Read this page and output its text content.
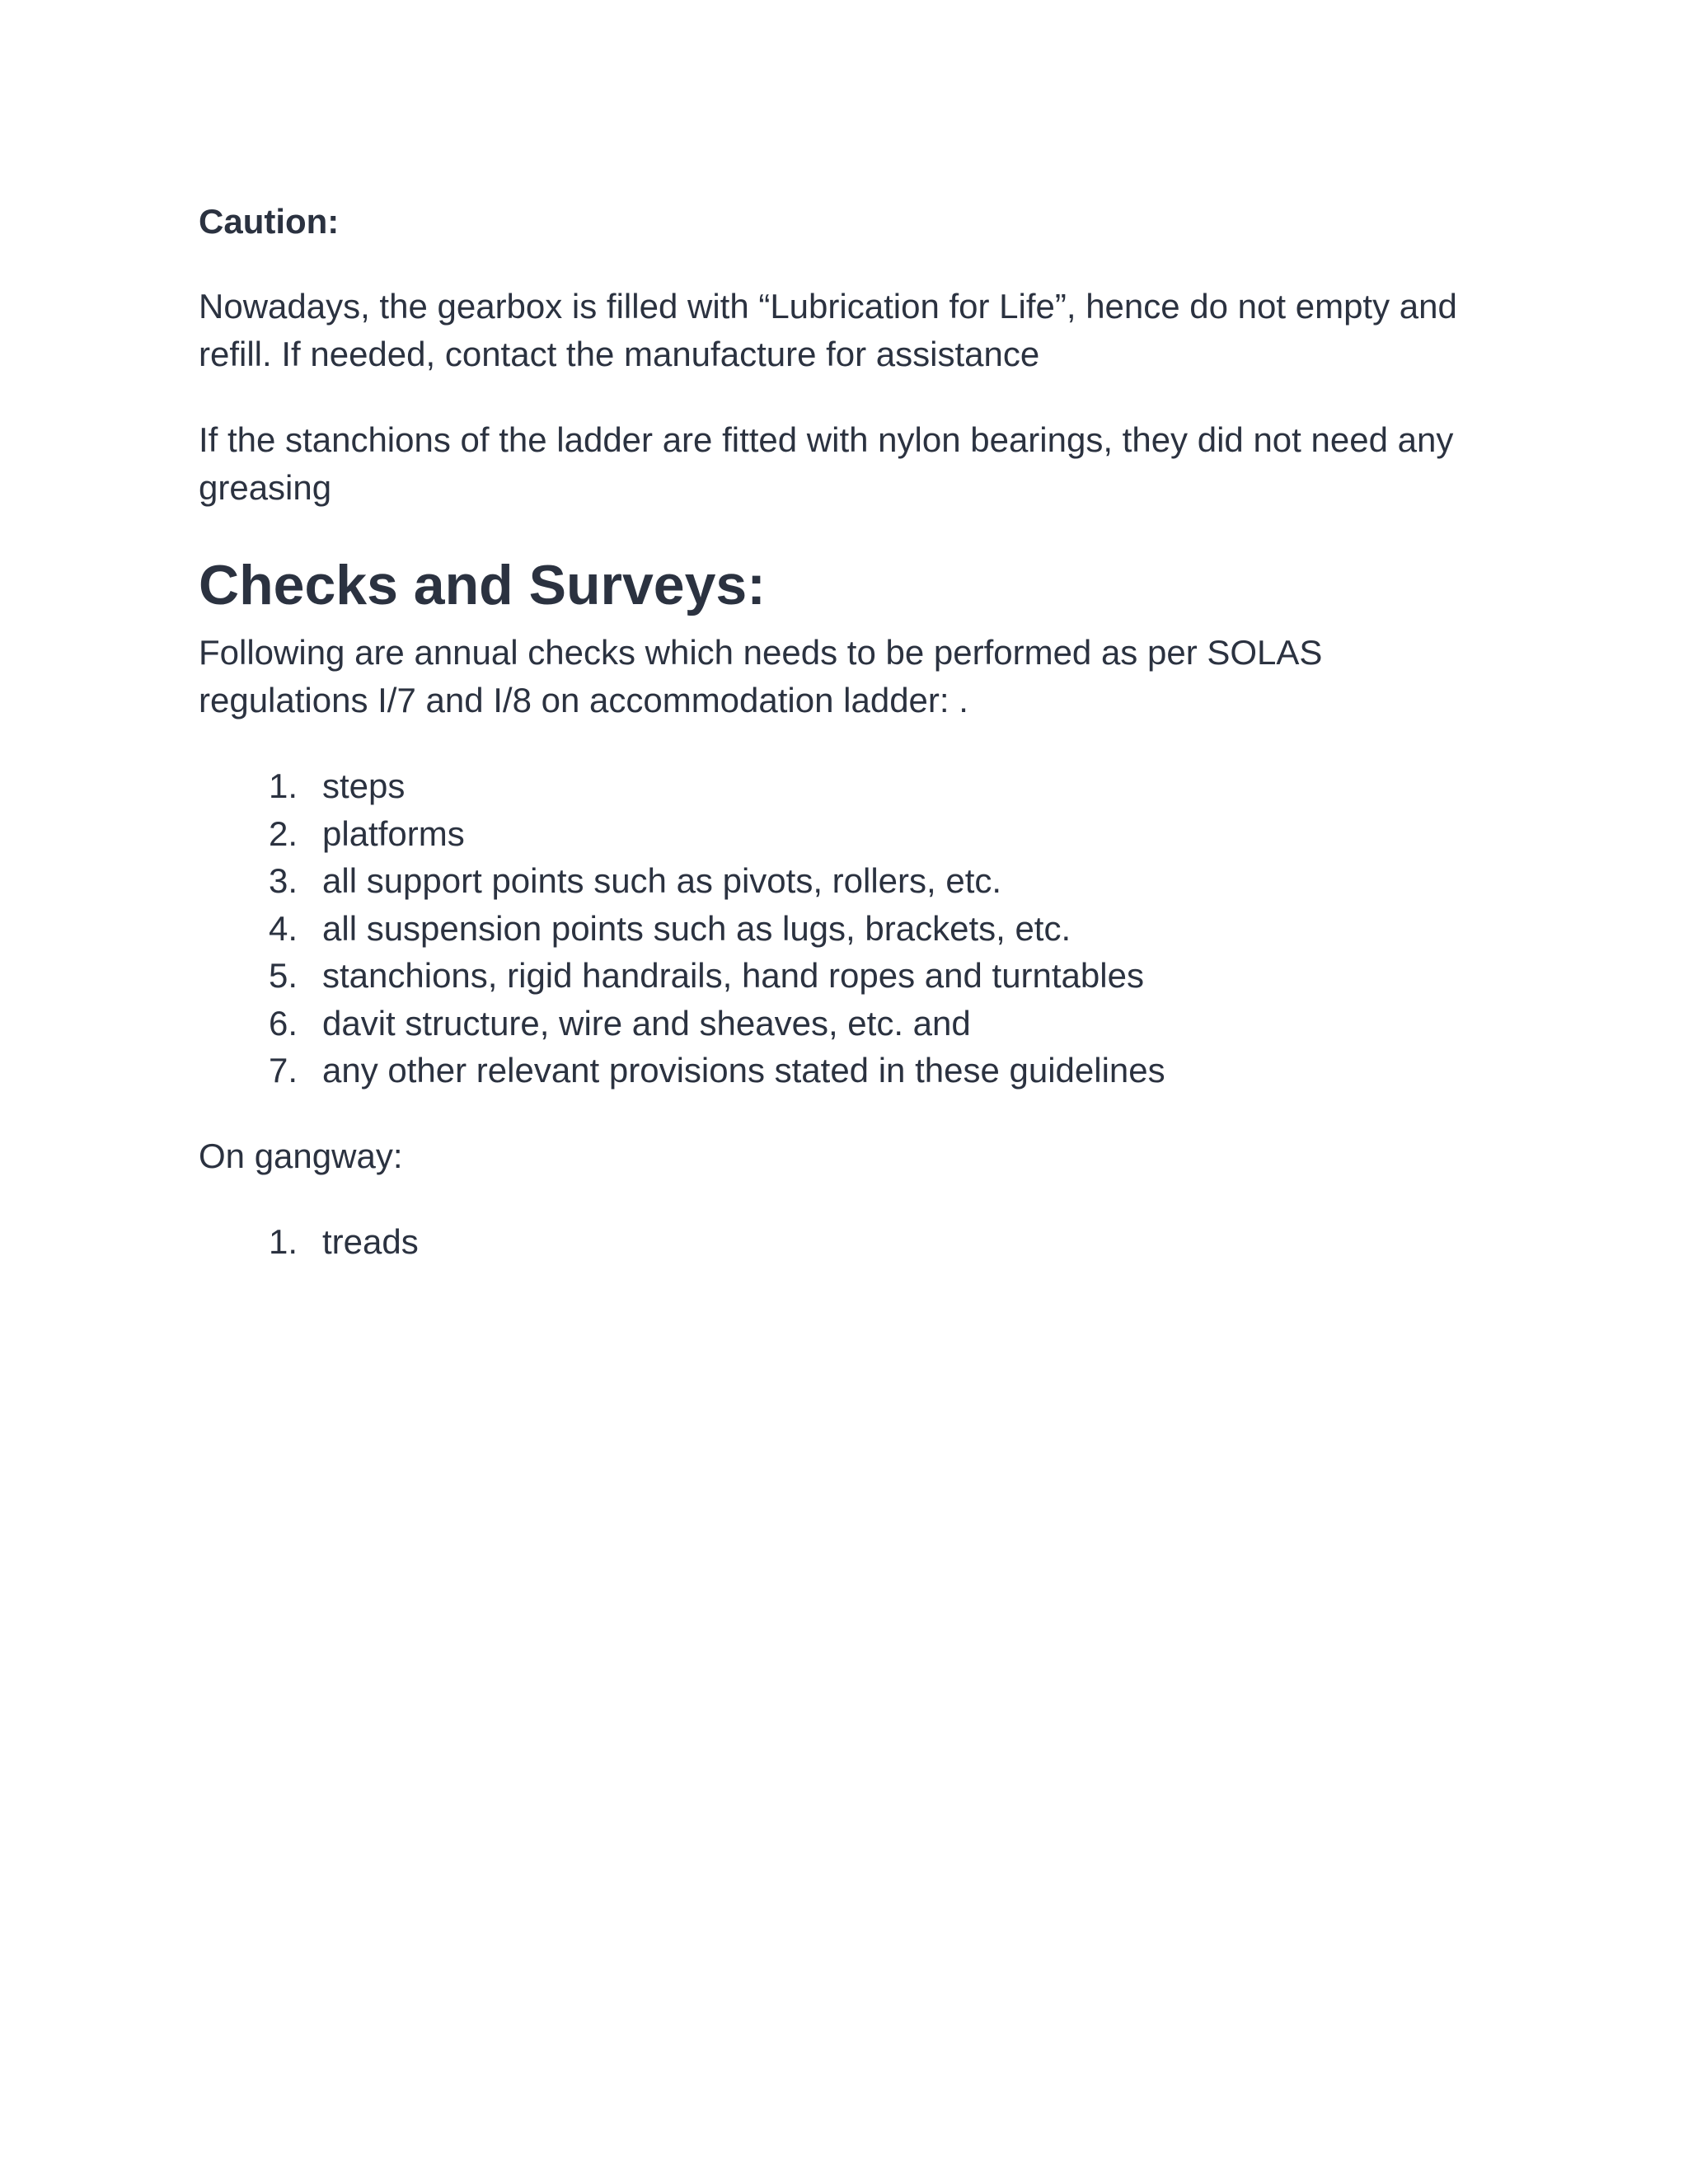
Caution:

Nowadays, the gearbox is filled with “Lubrication for Life”, hence do not empty and refill. If needed, contact the manufacture for assistance

If the stanchions of the ladder are fitted with nylon bearings, they did not need any greasing

Checks and Surveys:

Following are annual checks which needs to be performed as per SOLAS regulations I/7 and I/8 on accommodation ladder: .

1. steps
2. platforms
3. all support points such as pivots, rollers, etc.
4. all suspension points such as lugs, brackets, etc.
5. stanchions, rigid handrails, hand ropes and turntables
6. davit structure, wire and sheaves, etc. and
7. any other relevant provisions stated in these guidelines

On gangway:

1. treads
